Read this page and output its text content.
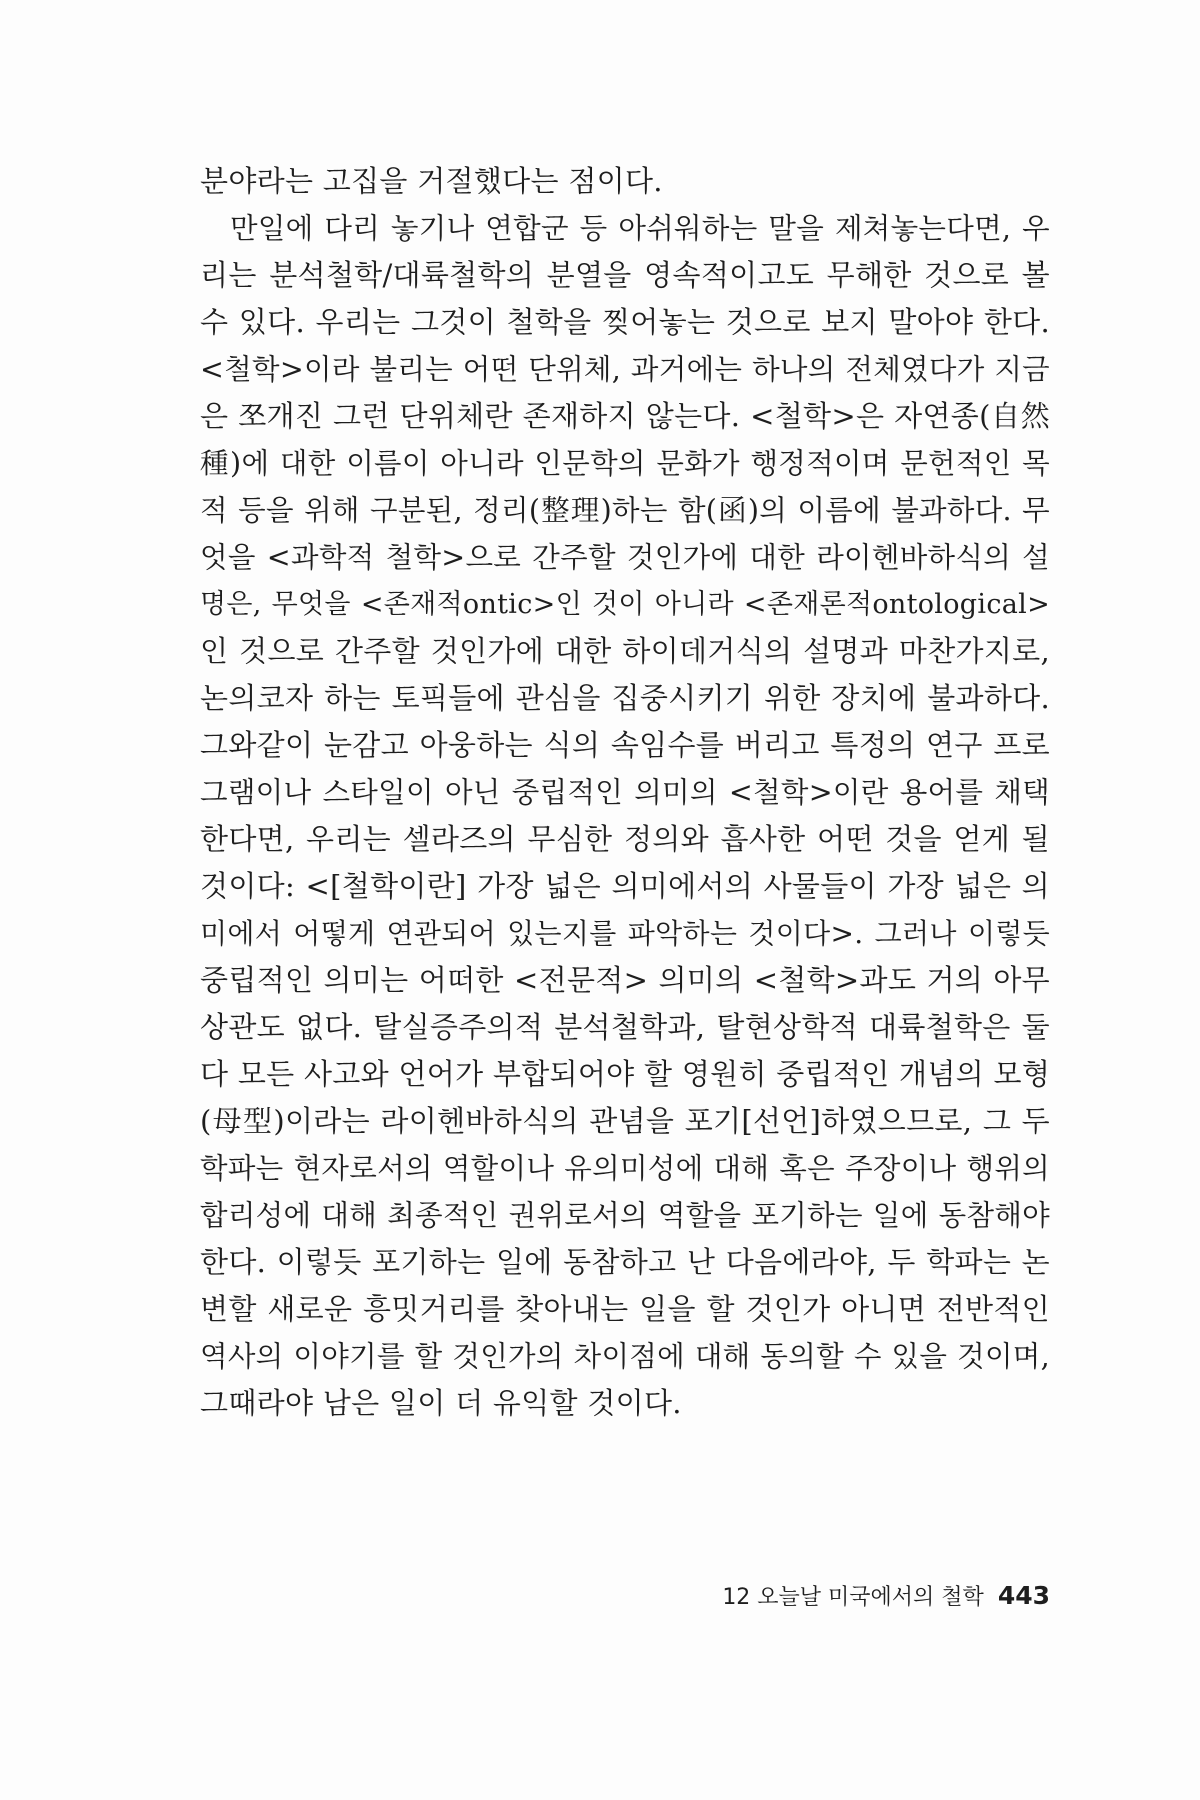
분야라는 고집을 거절했다는 점이다.
만일에 다리 놓기나 연합군 등 아쉬워하는 말을 제쳐놓는다면, 우
리는 분석철학/대륙철학의 분열을 영속적이고도 무해한 것으로 볼
수 있다. 우리는 그것이 철학을 찢어놓는 것으로 보지 말아야 한다.
<철학>이라 불리는 어떤 단위체, 과거에는 하나의 전체였다가 지금
은 쪼개진 그런 단위체란 존재하지 않는다. <철학>은 자연종(自然
種)에 대한 이름이 아니라 인문학의 문화가 행정적이며 문헌적인 목
적 등을 위해 구분된, 정리(整理)하는 함(函)의 이름에 불과하다. 무
엇을 <과학적 철학>으로 간주할 것인가에 대한 라이헨바하식의 설
명은, 무엇을 <존재적ontic>인 것이 아니라 <존재론적ontological>
인 것으로 간주할 것인가에 대한 하이데거식의 설명과 마찬가지로,
논의코자 하는 토픽들에 관심을 집중시키기 위한 장치에 불과하다.
그와같이 눈감고 아웅하는 식의 속임수를 버리고 특정의 연구 프로
그램이나 스타일이 아닌 중립적인 의미의 <철학>이란 용어를 채택
한다면, 우리는 셀라즈의 무심한 정의와 흡사한 어떤 것을 얻게 될
것이다: <[철학이란] 가장 넓은 의미에서의 사물들이 가장 넓은 의
미에서 어떻게 연관되어 있는지를 파악하는 것이다>. 그러나 이렇듯
중립적인 의미는 어떠한 <전문적> 의미의 <철학>과도 거의 아무
상관도 없다. 탈실증주의적 분석철학과, 탈현상학적 대륙철학은 둘
다 모든 사고와 언어가 부합되어야 할 영원히 중립적인 개념의 모형
(母型)이라는 라이헨바하식의 관념을 포기[선언]하였으므로, 그 두
학파는 현자로서의 역할이나 유의미성에 대해 혹은 주장이나 행위의
합리성에 대해 최종적인 권위로서의 역할을 포기하는 일에 동참해야
한다. 이렇듯 포기하는 일에 동참하고 난 다음에라야, 두 학파는 논
변할 새로운 흥밋거리를 찾아내는 일을 할 것인가 아니면 전반적인
역사의 이야기를 할 것인가의 차이점에 대해 동의할 수 있을 것이며,
그때라야 남은 일이 더 유익할 것이다.
12 오늘날 미국에서의 철학 443
